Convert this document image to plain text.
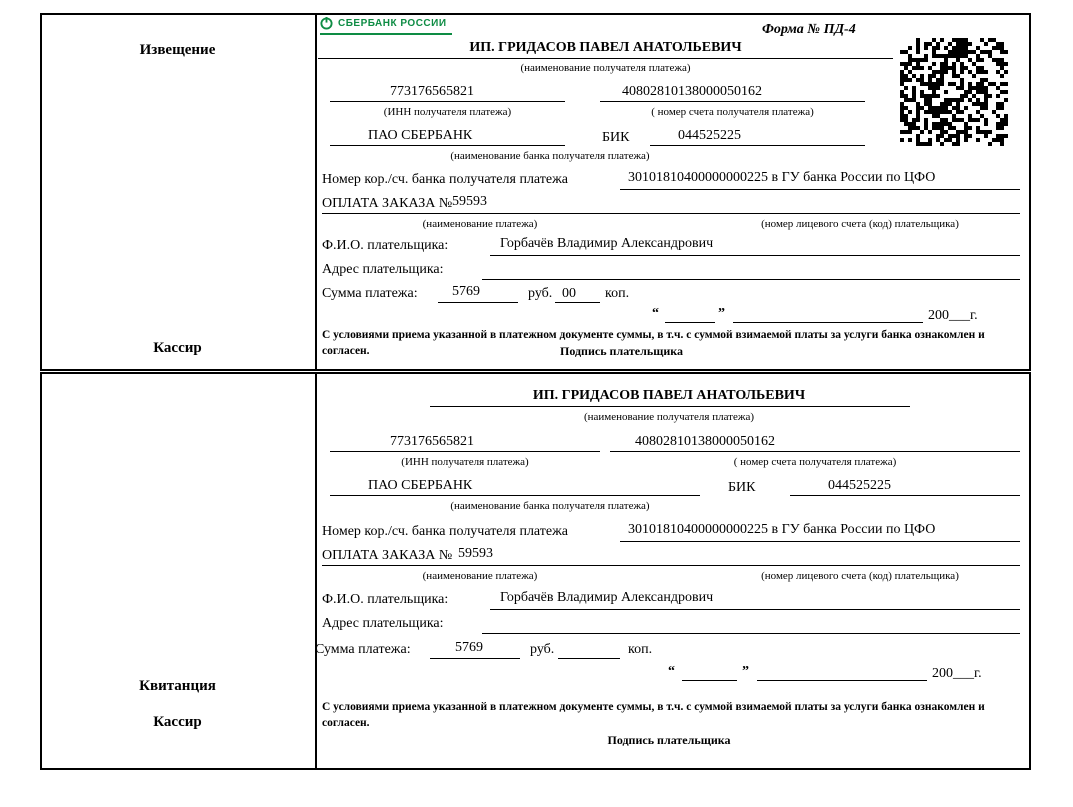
Извещение
Кассир
СБЕРБАНК РОССИИ	Форма № ПД-4
ИП. ГРИДАСОВ ПАВЕЛ АНАТОЛЬЕВИЧ
(наименование получателя платежа)
773176565821	40802810138000050162
(ИНН получателя платежа)	( номер счета получателя платежа)
ПАО СБЕРБАНК	БИК	044525225
(наименование банка получателя платежа)
Номер кор./сч. банка получателя платежа	30101810400000000225 в ГУ банка России по ЦФО
ОПЛАТА ЗАКАЗА № 59593
(наименование платежа)	(номер лицевого счета (код) плательщика)
Ф.И.О. плательщика:	Горбачёв Владимир Александрович
Адрес плательщика:
Сумма платежа: 5769	руб. 00 коп.
“	”	200___г.
С условиями приема указанной в платежном документе суммы, в т.ч. с суммой взимаемой платы за услуги банка ознакомлен и согласен.	Подпись плательщика
Квитанция
Кассир
ИП. ГРИДАСОВ ПАВЕЛ АНАТОЛЬЕВИЧ
(наименование получателя платежа)
773176565821	40802810138000050162
(ИНН получателя платежа)	( номер счета получателя платежа)
ПАО СБЕРБАНК	БИК	044525225
(наименование банка получателя платежа)
Номер кор./сч. банка получателя платежа	30101810400000000225 в ГУ банка России по ЦФО
ОПЛАТА ЗАКАЗА № 59593
(наименование платежа)	(номер лицевого счета (код) плательщика)
Ф.И.О. плательщика:	Горбачёв Владимир Александрович
Адрес плательщика:
Сумма платежа:	5769	руб.	коп.
“	”	200___г.
С условиями приема указанной в платежном документе суммы, в т.ч. с суммой взимаемой платы за услуги банка ознакомлен и согласен.
Подпись плательщика
